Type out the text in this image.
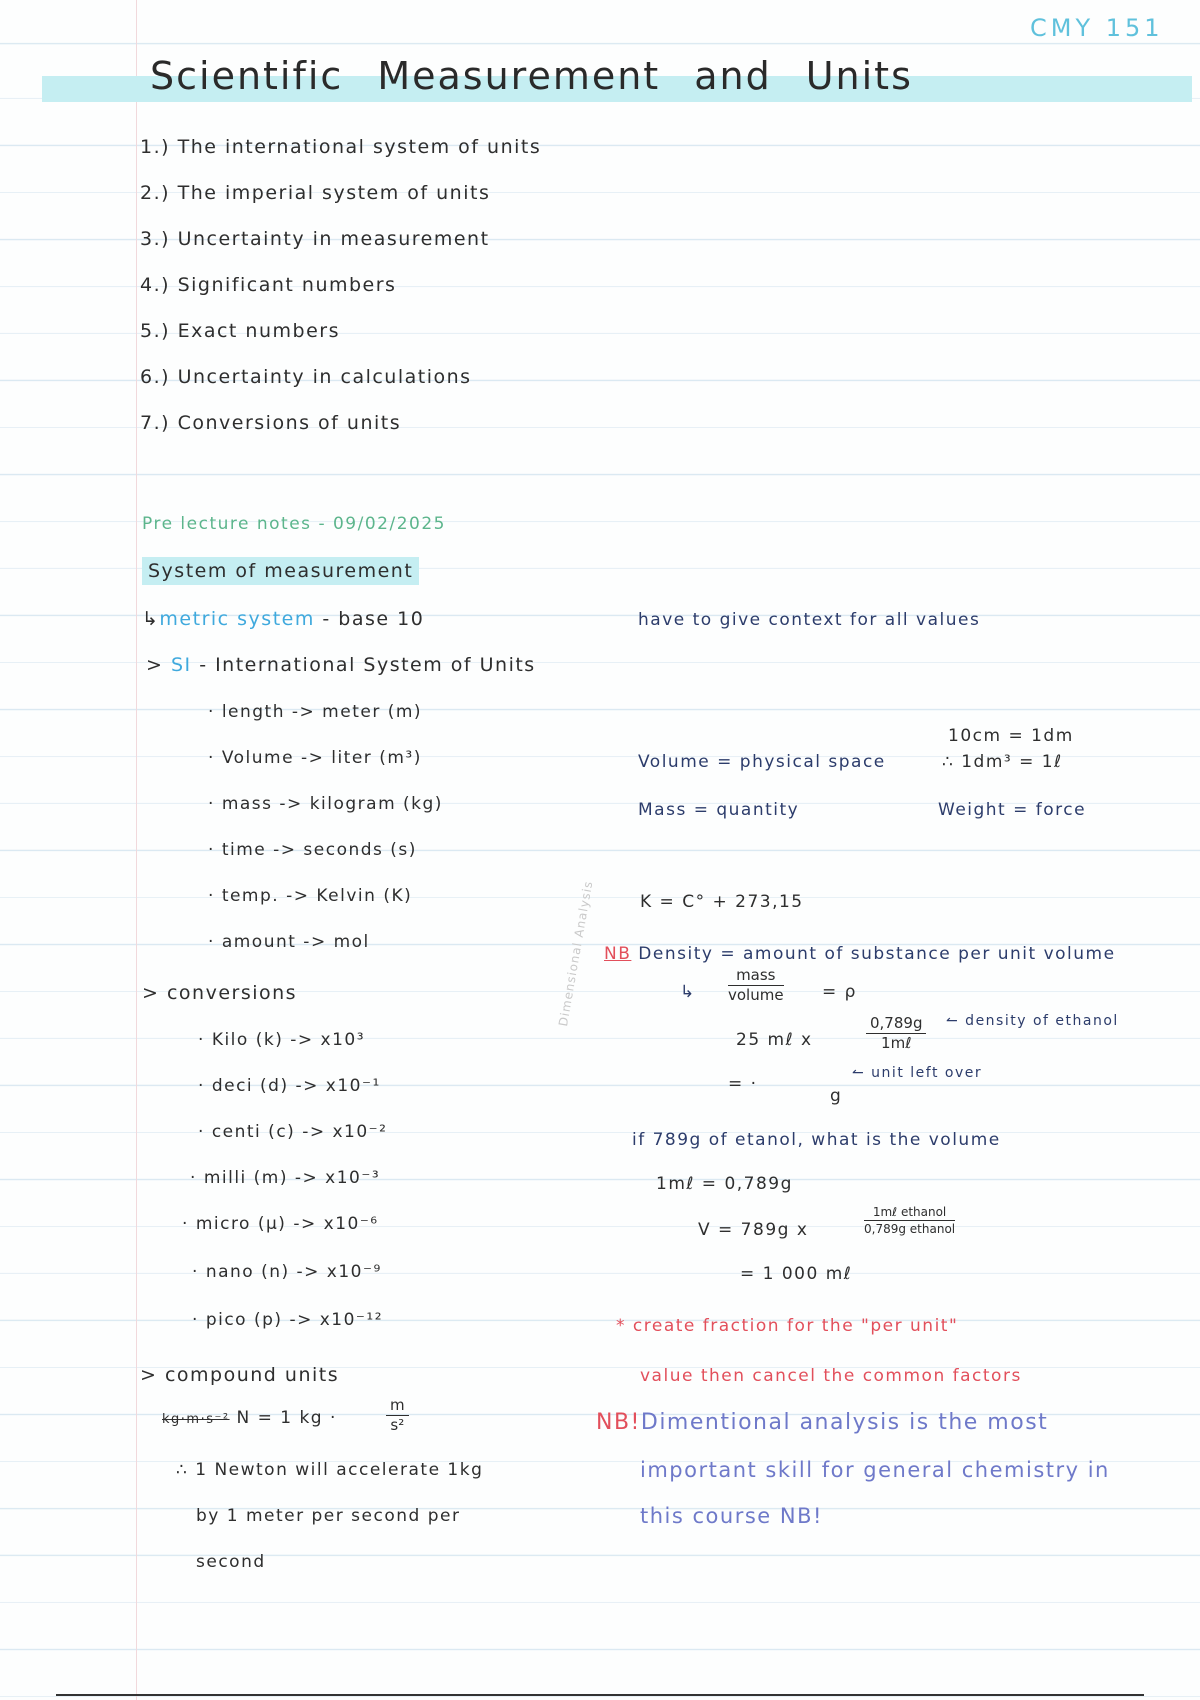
CMY 151
Scientific Measurement and Units
1.) The international system of units
2.) The imperial system of units
3.) Uncertainty in measurement
4.) Significant numbers
5.) Exact numbers
6.) Uncertainty in calculations
7.) Conversions of units
Pre lecture notes - 09/02/2025
System of measurement
↳metric system - base 10
> SI - International System of Units
· length -> meter (m)
· Volume -> liter (m³)
· mass -> kilogram (kg)
· time -> seconds (s)
· temp. -> Kelvin (K)
· amount -> mol
> conversions
· Kilo (k) -> x10³
· deci (d) -> x10⁻¹
· centi (c) -> x10⁻²
· milli (m) -> x10⁻³
· micro (μ) -> x10⁻⁶
· nano (n) -> x10⁻⁹
· pico (p) -> x10⁻¹²
> compound units
kg·m·s⁻² N = 1 kg ·	$\frac{m}{\text{s²}}$
∴ 1 Newton will accelerate 1kg
by 1 meter per second per
second
have to give context for all values
10cm = 1dm
∴ 1dm³ = 1ℓ
Volume = physical space
Mass = quantity	Weight = force
K = C° + 273,15
NB Density = amount of substance per unit volume
↳
mass
volume = ρ
25 mℓ x
0,789g
1mℓ
↼ density of ethanol
= ·
g
↼ unit left over
if 789g of etanol, what is the volume
1mℓ = 0,789g
V = 789g x
1mℓ ethanol
0,789g ethanol
= 1 000 mℓ
* create fraction for the "per unit"
value then cancel the common factors
NB!Dimentional analysis is the most
important skill for general chemistry in
this course NB!
Dimensional Analysis
